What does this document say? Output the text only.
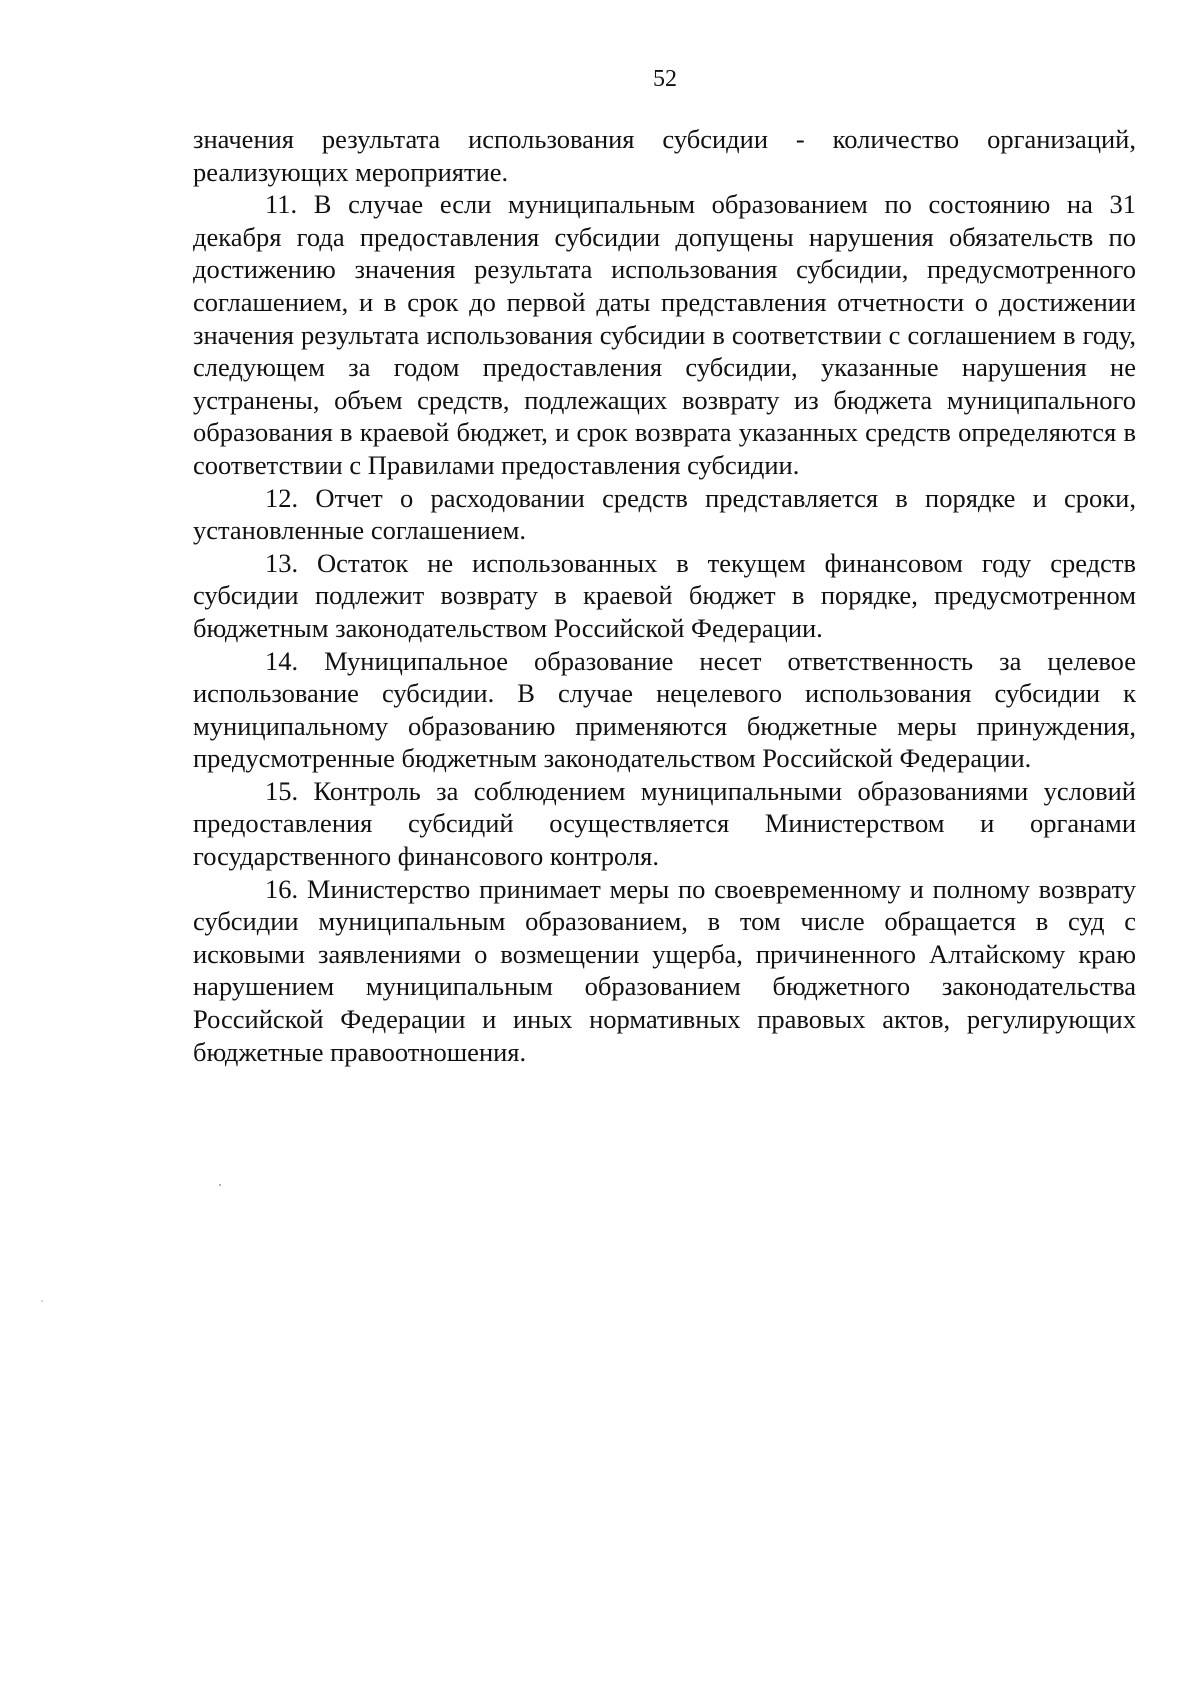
52

значения результата использования субсидии - количество организаций, реализующих мероприятие.

11. В случае если муниципальным образованием по состоянию на 31 декабря года предоставления субсидии допущены нарушения обязательств по достижению значения результата использования субсидии, предусмотренного соглашением, и в срок до первой даты представления отчетности о достижении значения результата использования субсидии в соответствии с соглашением в году, следующем за годом предоставления субсидии, указанные нарушения не устранены, объем средств, подлежащих возврату из бюджета муниципального образования в краевой бюджет, и срок возврата указанных средств определяются в соответствии с Правилами предоставления субсидии.

12. Отчет о расходовании средств представляется в порядке и сроки, установленные соглашением.

13. Остаток не использованных в текущем финансовом году средств субсидии подлежит возврату в краевой бюджет в порядке, предусмотренном бюджетным законодательством Российской Федерации.

14. Муниципальное образование несет ответственность за целевое использование субсидии. В случае нецелевого использования субсидии к муниципальному образованию применяются бюджетные меры принуждения, предусмотренные бюджетным законодательством Российской Федерации.

15. Контроль за соблюдением муниципальными образованиями условий предоставления субсидий осуществляется Министерством и органами государственного финансового контроля.

16. Министерство принимает меры по своевременному и полному возврату субсидии муниципальным образованием, в том числе обращается в суд с исковыми заявлениями о возмещении ущерба, причиненного Алтайскому краю нарушением муниципальным образованием бюджетного законодательства Российской Федерации и иных нормативных правовых актов, регулирующих бюджетные правоотношения.
